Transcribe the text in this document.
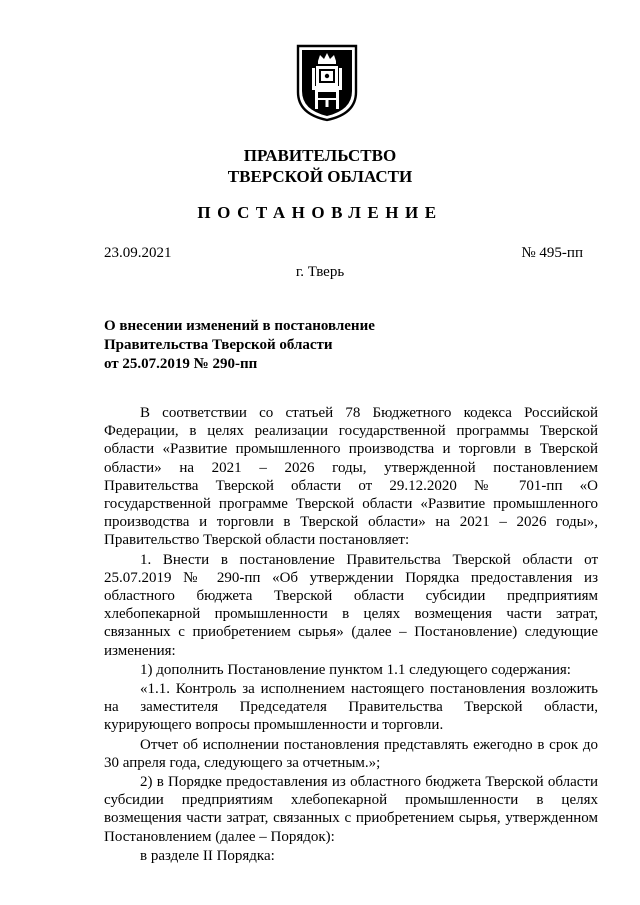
ПРАВИТЕЛЬСТВО
ТВЕРСКОЙ ОБЛАСТИ
ПОСТАНОВЛЕНИЕ
23.09.2021	№ 495-пп
г. Тверь
О внесении изменений в постановление
Правительства Тверской области
от 25.07.2019 № 290-пп

В соответствии со статьей 78 Бюджетного кодекса Российской Федерации, в целях реализации государственной программы Тверской области «Развитие промышленного производства и торговли в Тверской области» на 2021 – 2026 годы, утвержденной постановлением Правительства Тверской области от 29.12.2020 № 701-пп «О государственной программе Тверской области «Развитие промышленного производства и торговли в Тверской области» на 2021 – 2026 годы», Правительство Тверской области постановляет:

1. Внести в постановление Правительства Тверской области от 25.07.2019 № 290-пп «Об утверждении Порядка предоставления из областного бюджета Тверской области субсидии предприятиям хлебопекарной промышленности в целях возмещения части затрат, связанных с приобретением сырья» (далее – Постановление) следующие изменения:

1) дополнить Постановление пунктом 1.1 следующего содержания:

«1.1. Контроль за исполнением настоящего постановления возложить на заместителя Председателя Правительства Тверской области, курирующего вопросы промышленности и торговли.

Отчет об исполнении постановления представлять ежегодно в срок до 30 апреля года, следующего за отчетным.»;

2) в Порядке предоставления из областного бюджета Тверской области субсидии предприятиям хлебопекарной промышленности в целях возмещения части затрат, связанных с приобретением сырья, утвержденном Постановлением (далее – Порядок):

в разделе II Порядка:
